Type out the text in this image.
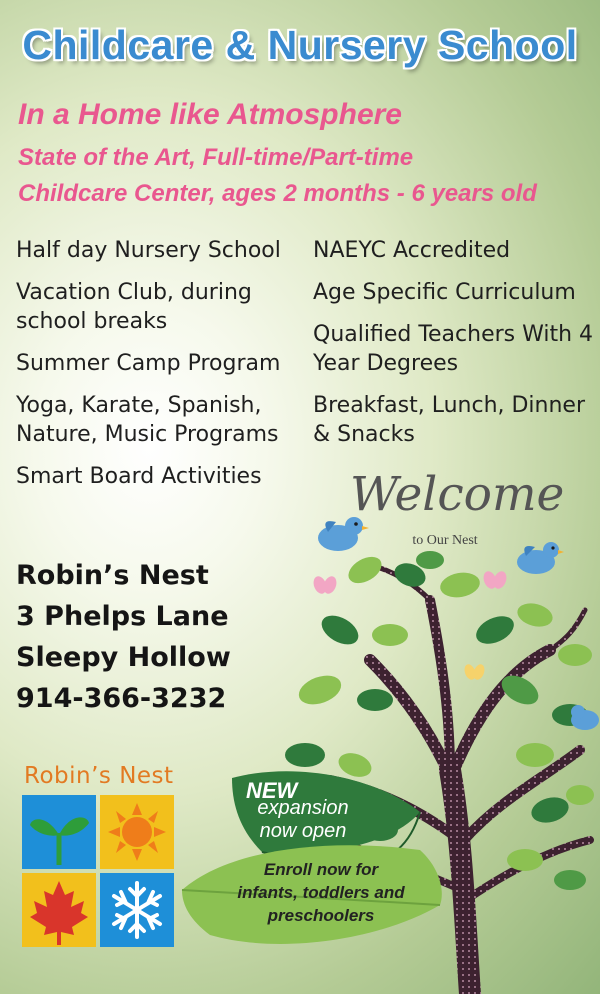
Childcare & Nursery School
In a Home like Atmosphere
State of the Art, Full-time/Part-time
Childcare Center, ages 2 months - 6 years old
Half day Nursery School
Vacation Club, during school breaks
Summer Camp Program
Yoga, Karate, Spanish, Nature, Music Programs
Smart Board Activities
NAEYC Accredited
Age Specific Curriculum
Qualified Teachers With 4 Year Degrees
Breakfast, Lunch, Dinner & Snacks
Robin’s Nest
3 Phelps Lane
Sleepy Hollow
914-366-3232
Welcome
to Our Nest
NEW
expansion
now open
Enroll now for
infants, toddlers and
preschoolers
Robin’s Nest
